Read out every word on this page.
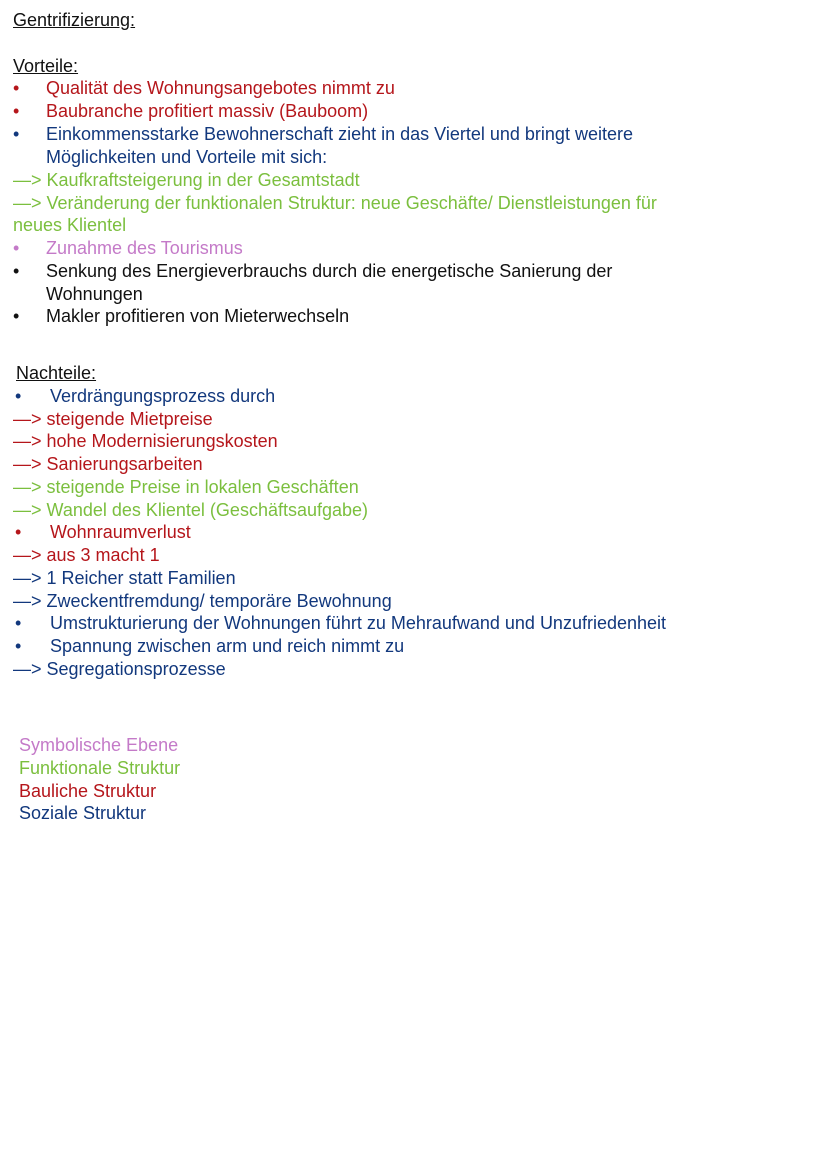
Gentrifizierung:
Vorteile:
• Qualität des Wohnungsangebotes nimmt zu
• Baubranche profitiert massiv (Bauboom)
• Einkommensstarke Bewohnerschaft zieht in das Viertel und bringt weitere
Möglichkeiten und Vorteile mit sich:
—> Kaufkraftsteigerung in der Gesamtstadt
—> Veränderung der funktionalen Struktur: neue Geschäfte/ Dienstleistungen für
neues Klientel
• Zunahme des Tourismus
• Senkung des Energieverbrauchs durch die energetische Sanierung der
Wohnungen
• Makler profitieren von Mieterwechseln
Nachteile:
• Verdrängungsprozess durch
—> steigende Mietpreise
—> hohe Modernisierungskosten
—> Sanierungsarbeiten
—> steigende Preise in lokalen Geschäften
—> Wandel des Klientel (Geschäftsaufgabe)
• Wohnraumverlust
—> aus 3 macht 1
—> 1 Reicher statt Familien
—> Zweckentfremdung/ temporäre Bewohnung
• Umstrukturierung der Wohnungen führt zu Mehraufwand und Unzufriedenheit
• Spannung zwischen arm und reich nimmt zu
—> Segregationsprozesse
Symbolische Ebene
Funktionale Struktur
Bauliche Struktur
Soziale Struktur
